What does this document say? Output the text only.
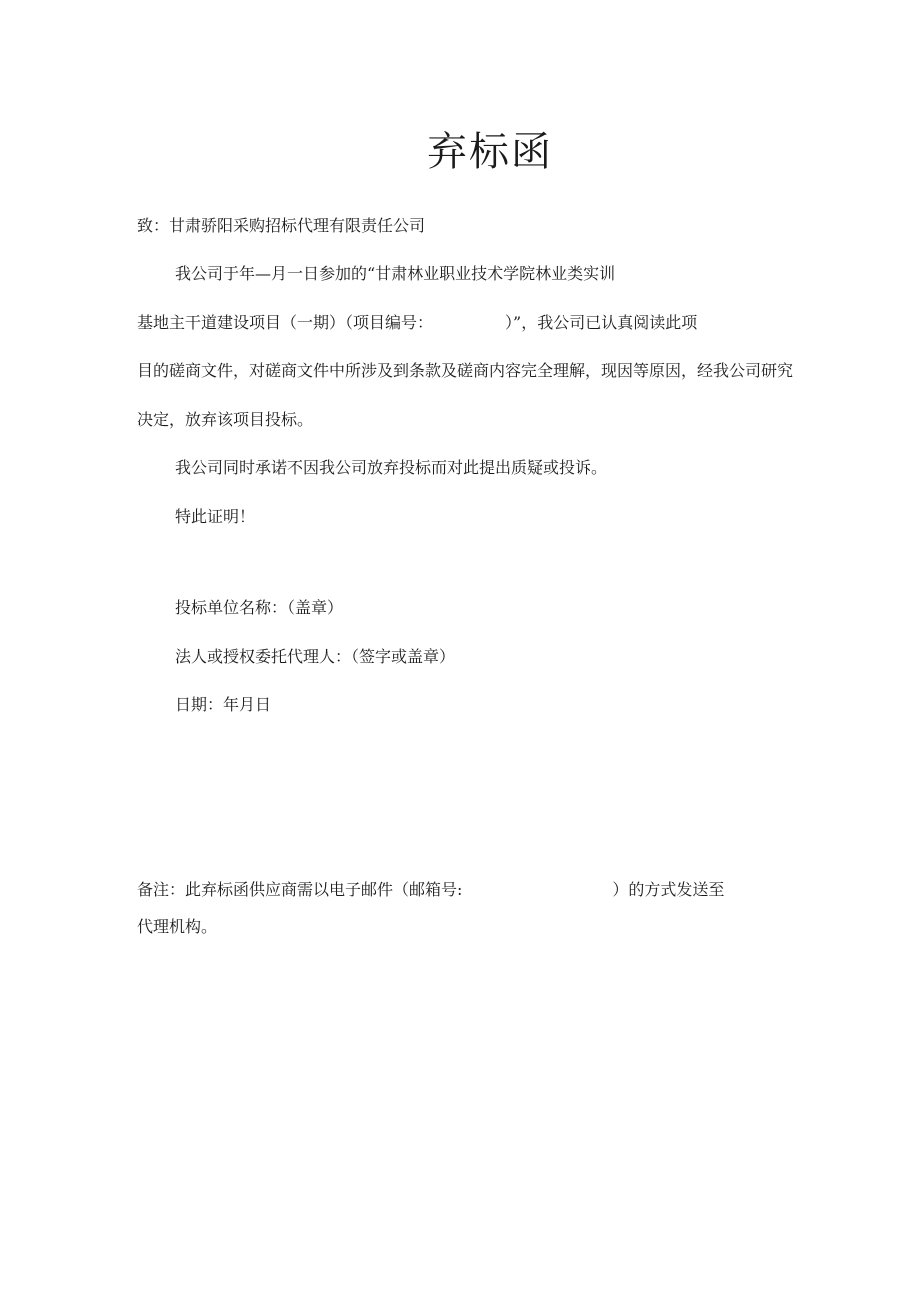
弃标函
致：甘肃骄阳采购招标代理有限责任公司
我公司于年—月一日参加的“甘肃林业职业技术学院林业类实训
基地主干道建设项目（一期）（项目编号：	）”，我公司已认真阅读此项
目的磋商文件，对磋商文件中所涉及到条款及磋商内容完全理解，现因等原因，经我公司研究
决定，放弃该项目投标。
我公司同时承诺不因我公司放弃投标而对此提出质疑或投诉。
特此证明！
投标单位名称：（盖章）
法人或授权委托代理人：（签字或盖章）
日期：年月日
备注：此弃标函供应商需以电子邮件（邮箱号:	）的方式发送至
代理机构。
